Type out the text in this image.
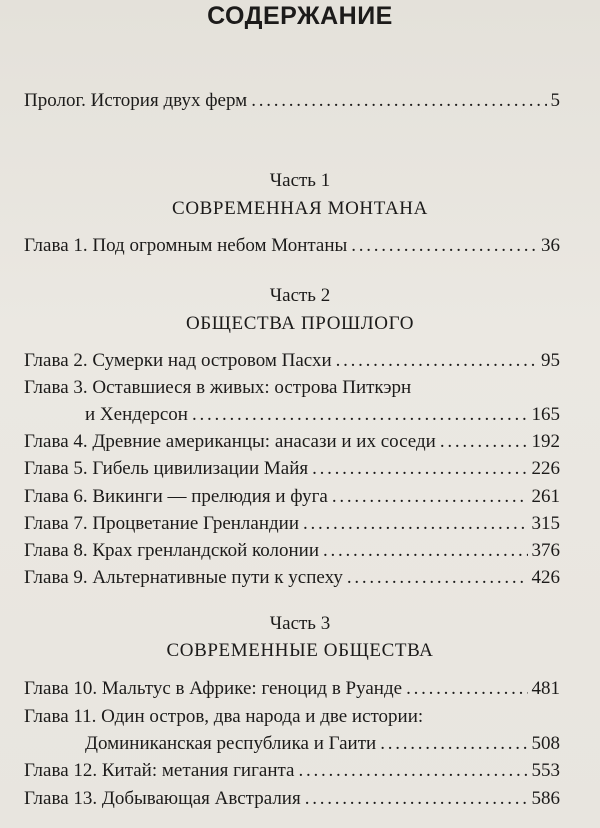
СОДЕРЖАНИЕ
Пролог. История двух ферм . . .	5
Часть 1
СОВРЕМЕННАЯ МОНТАНА
Глава 1. Под огромным небом Монтаны . . .	36
Часть 2
ОБЩЕСТВА ПРОШЛОГО
Глава 2. Сумерки над островом Пасхи . . .	95
Глава 3. Оставшиеся в живых: острова Питкэрн
и Хендерсон . . .	165
Глава 4. Древние американцы: анасази и их соседи . . .	192
Глава 5. Гибель цивилизации Майя . . .	226
Глава 6. Викинги — прелюдия и фуга . . .	261
Глава 7. Процветание Гренландии . . .	315
Глава 8. Крах гренландской колонии . . .	376
Глава 9. Альтернативные пути к успеху . . .	426
Часть 3
СОВРЕМЕННЫЕ ОБЩЕСТВА
Глава 10. Мальтус в Африке: геноцид в Руанде . . .	481
Глава 11. Один остров, два народа и две истории:
Доминиканская республика и Гаити . . .	508
Глава 12. Китай: метания гиганта . . .	553
Глава 13. Добывающая Австралия . . .	586
